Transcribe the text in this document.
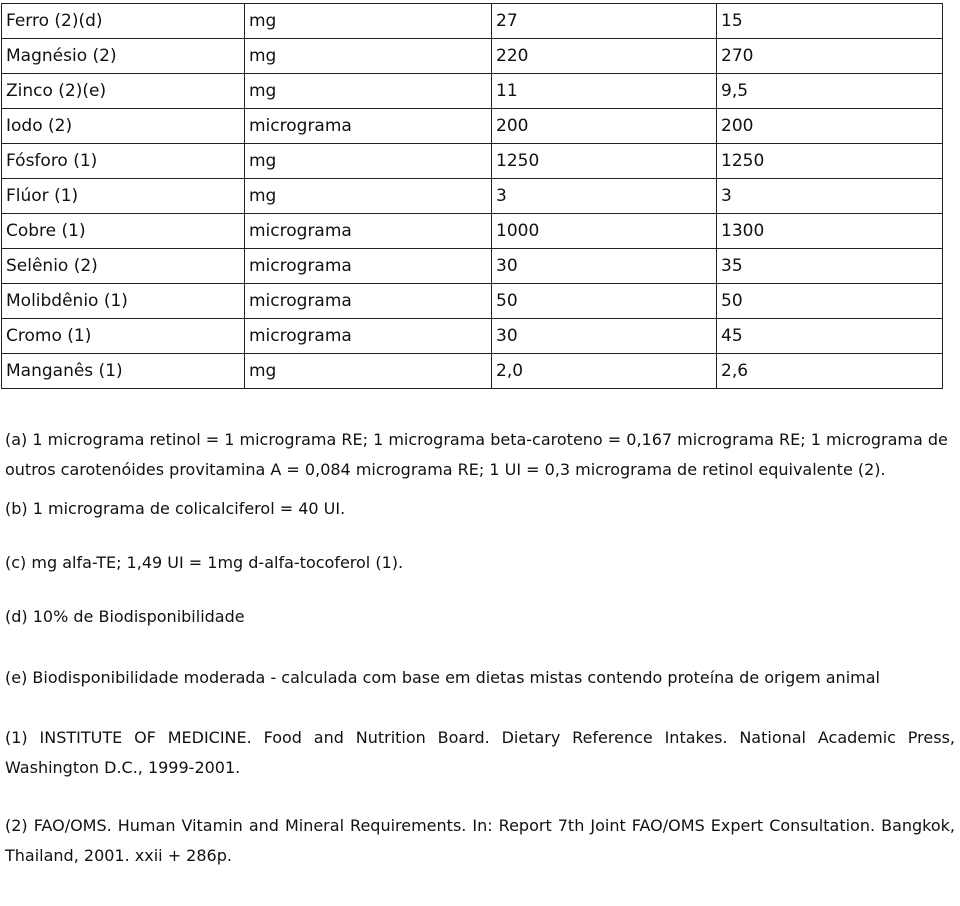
Ferro (2)(d)	mg	27	15
Magnésio (2)	mg	220	270
Zinco (2)(e)	mg	11	9,5
Iodo (2)	micrograma	200	200
Fósforo (1)	mg	1250	1250
Flúor (1)	mg	3	3
Cobre (1)	micrograma	1000	1300
Selênio (2)	micrograma	30	35
Molibdênio (1)	micrograma	50	50
Cromo (1)	micrograma	30	45
Manganês (1)	mg	2,0	2,6

(a) 1 micrograma retinol = 1 micrograma RE; 1 micrograma beta-caroteno = 0,167 micrograma RE; 1 micrograma de outros carotenóides provitamina A = 0,084 micrograma RE; 1 UI = 0,3 micrograma de retinol equivalente (2).

(b) 1 micrograma de colicalciferol = 40 UI.

(c) mg alfa-TE; 1,49 UI = 1mg d-alfa-tocoferol (1).

(d) 10% de Biodisponibilidade

(e) Biodisponibilidade moderada - calculada com base em dietas mistas contendo proteína de origem animal

(1) INSTITUTE OF MEDICINE. Food and Nutrition Board. Dietary Reference Intakes. National Academic Press, Washington D.C., 1999-2001.

(2) FAO/OMS. Human Vitamin and Mineral Requirements. In: Report 7th Joint FAO/OMS Expert Consultation. Bangkok, Thailand, 2001. xxii + 286p.
